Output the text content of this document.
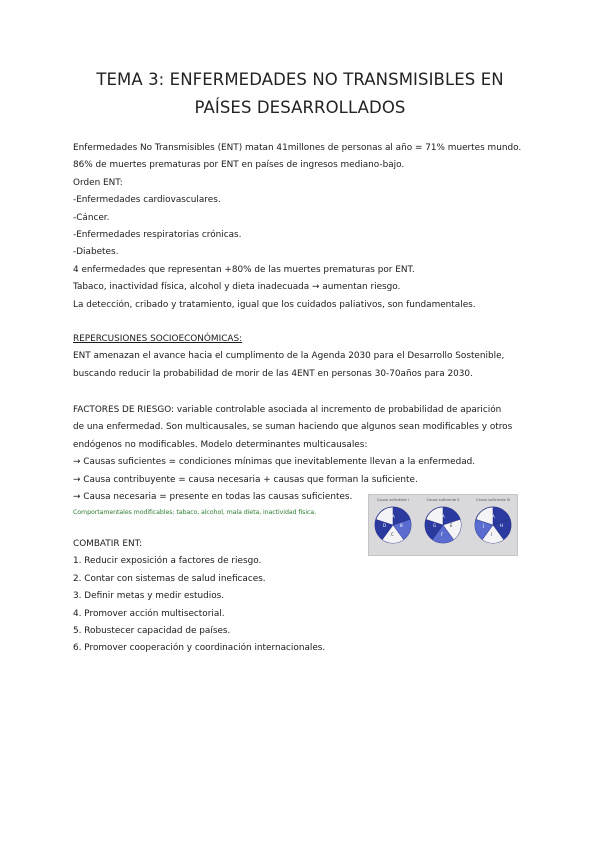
TEMA 3: ENFERMEDADES NO TRANSMISIBLES EN
PAÍSES DESARROLLADOS
Enfermedades No Transmisibles (ENT) matan 41millones de personas al año = 71% muertes mundo.
86% de muertes prematuras por ENT en países de ingresos mediano-bajo.
Orden ENT:
-Enfermedades cardiovasculares.
-Cáncer.
-Enfermedades respiratorias crónicas.
-Diabetes.
4 enfermedades que representan +80% de las muertes prematuras por ENT.
Tabaco, inactividad física, alcohol y dieta inadecuada → aumentan riesgo.
La detección, cribado y tratamiento, igual que los cuidados paliativos, son fundamentales.
REPERCUSIONES SOCIOECONÓMICAS:
ENT amenazan el avance hacia el cumplimento de la Agenda 2030 para el Desarrollo Sostenible,
buscando reducir la probabilidad de morir de las 4ENT en personas 30-70años para 2030.
FACTORES DE RIESGO: variable controlable asociada al incremento de probabilidad de aparición
de una enfermedad. Son multicausales, se suman haciendo que algunos sean modificables y otros
endógenos no modificables. Modelo determinantes multicausales:
→ Causas suficientes = condiciones mínimas que inevitablemente llevan a la enfermedad.
→ Causa contribuyente = causa necesaria + causas que forman la suficiente.
→ Causa necesaria = presente en todas las causas suficientes.
Comportamentales modificables: tabaco, alcohol, mala dieta, inactividad física.
Causa suficiente I	Causa suficiente II	Causa suficiente III
A
B
C
D
A
E
F
G
A
H
I
J
COMBATIR ENT:
1. Reducir exposición a factores de riesgo.
2. Contar con sistemas de salud ineficaces.
3. Definir metas y medir estudios.
4. Promover acción multisectorial.
5. Robustecer capacidad de países.
6. Promover cooperación y coordinación internacionales.
